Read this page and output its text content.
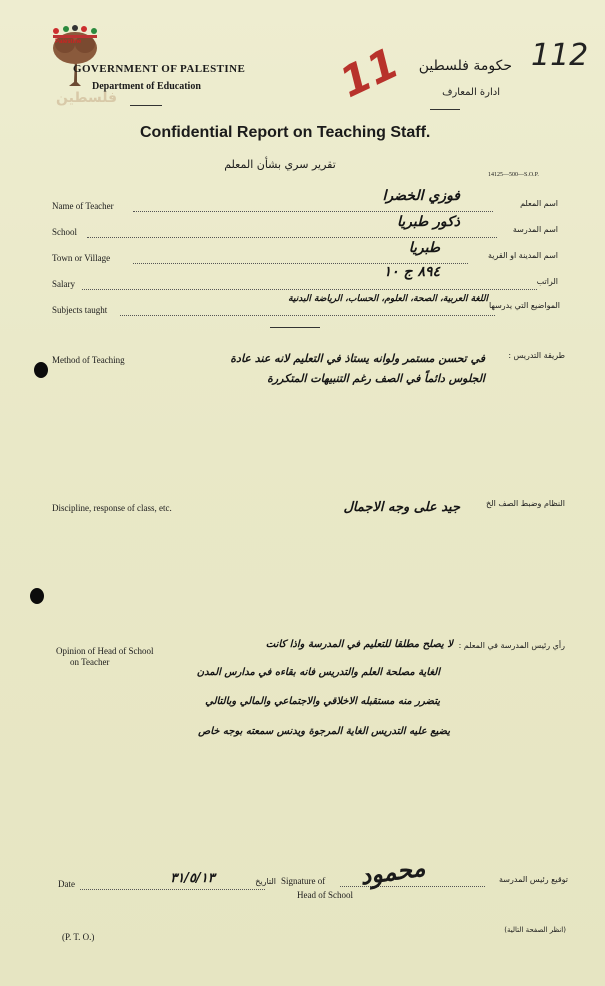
Palestine
فلسطين
GOVERNMENT OF PALESTINE
Department of Education
حكومة فلسطين
ادارة المعارف
11	112
Confidential Report on Teaching Staff.
تقرير سري بشأن المعلم
14125—500—S.O.P.
Name of Teacher	اسم المعلم
فوزي الخضرا
School	اسم المدرسة
ذكور طبريا
Town or Village	اسم المدينة او القرية
طبريا
Salary	الراتب
٨٩٤ ج ١٠
Subjects taught	المواضيع التي يدرسها
اللغة العربية، الصحة، العلوم، الحساب، الرياضة البدنية
Method of Teaching	طريقة التدريس :
في تحسن مستمر ولوانه يستاذ في التعليم لانه عند عادة
الجلوس دائماً في الصف رغم التنبيهات المتكررة
Discipline, response of class, etc.	النظام وضبط الصف الخ
جيد على وجه الاجمال
Opinion of Head of School
on Teacher
رأي رئيس المدرسة في المعلم :
لا يصلح مطلقا للتعليم في المدرسة واذا كانت
الغاية مصلحة العلم والتدريس فانه بقاءه في مدارس المدن
يتضرر منه مستقبله الاخلاقي والاجتماعي والمالي وبالتالي
يضيع عليه التدريس الغاية المرجوة ويدنس سمعته بوجه خاص
Date	٣١/٥/١٣	التاريخ Signature of
Head of School
محمود	توقيع رئيس المدرسة
(P. T. O.)
(انظر الصفحة التالية)
